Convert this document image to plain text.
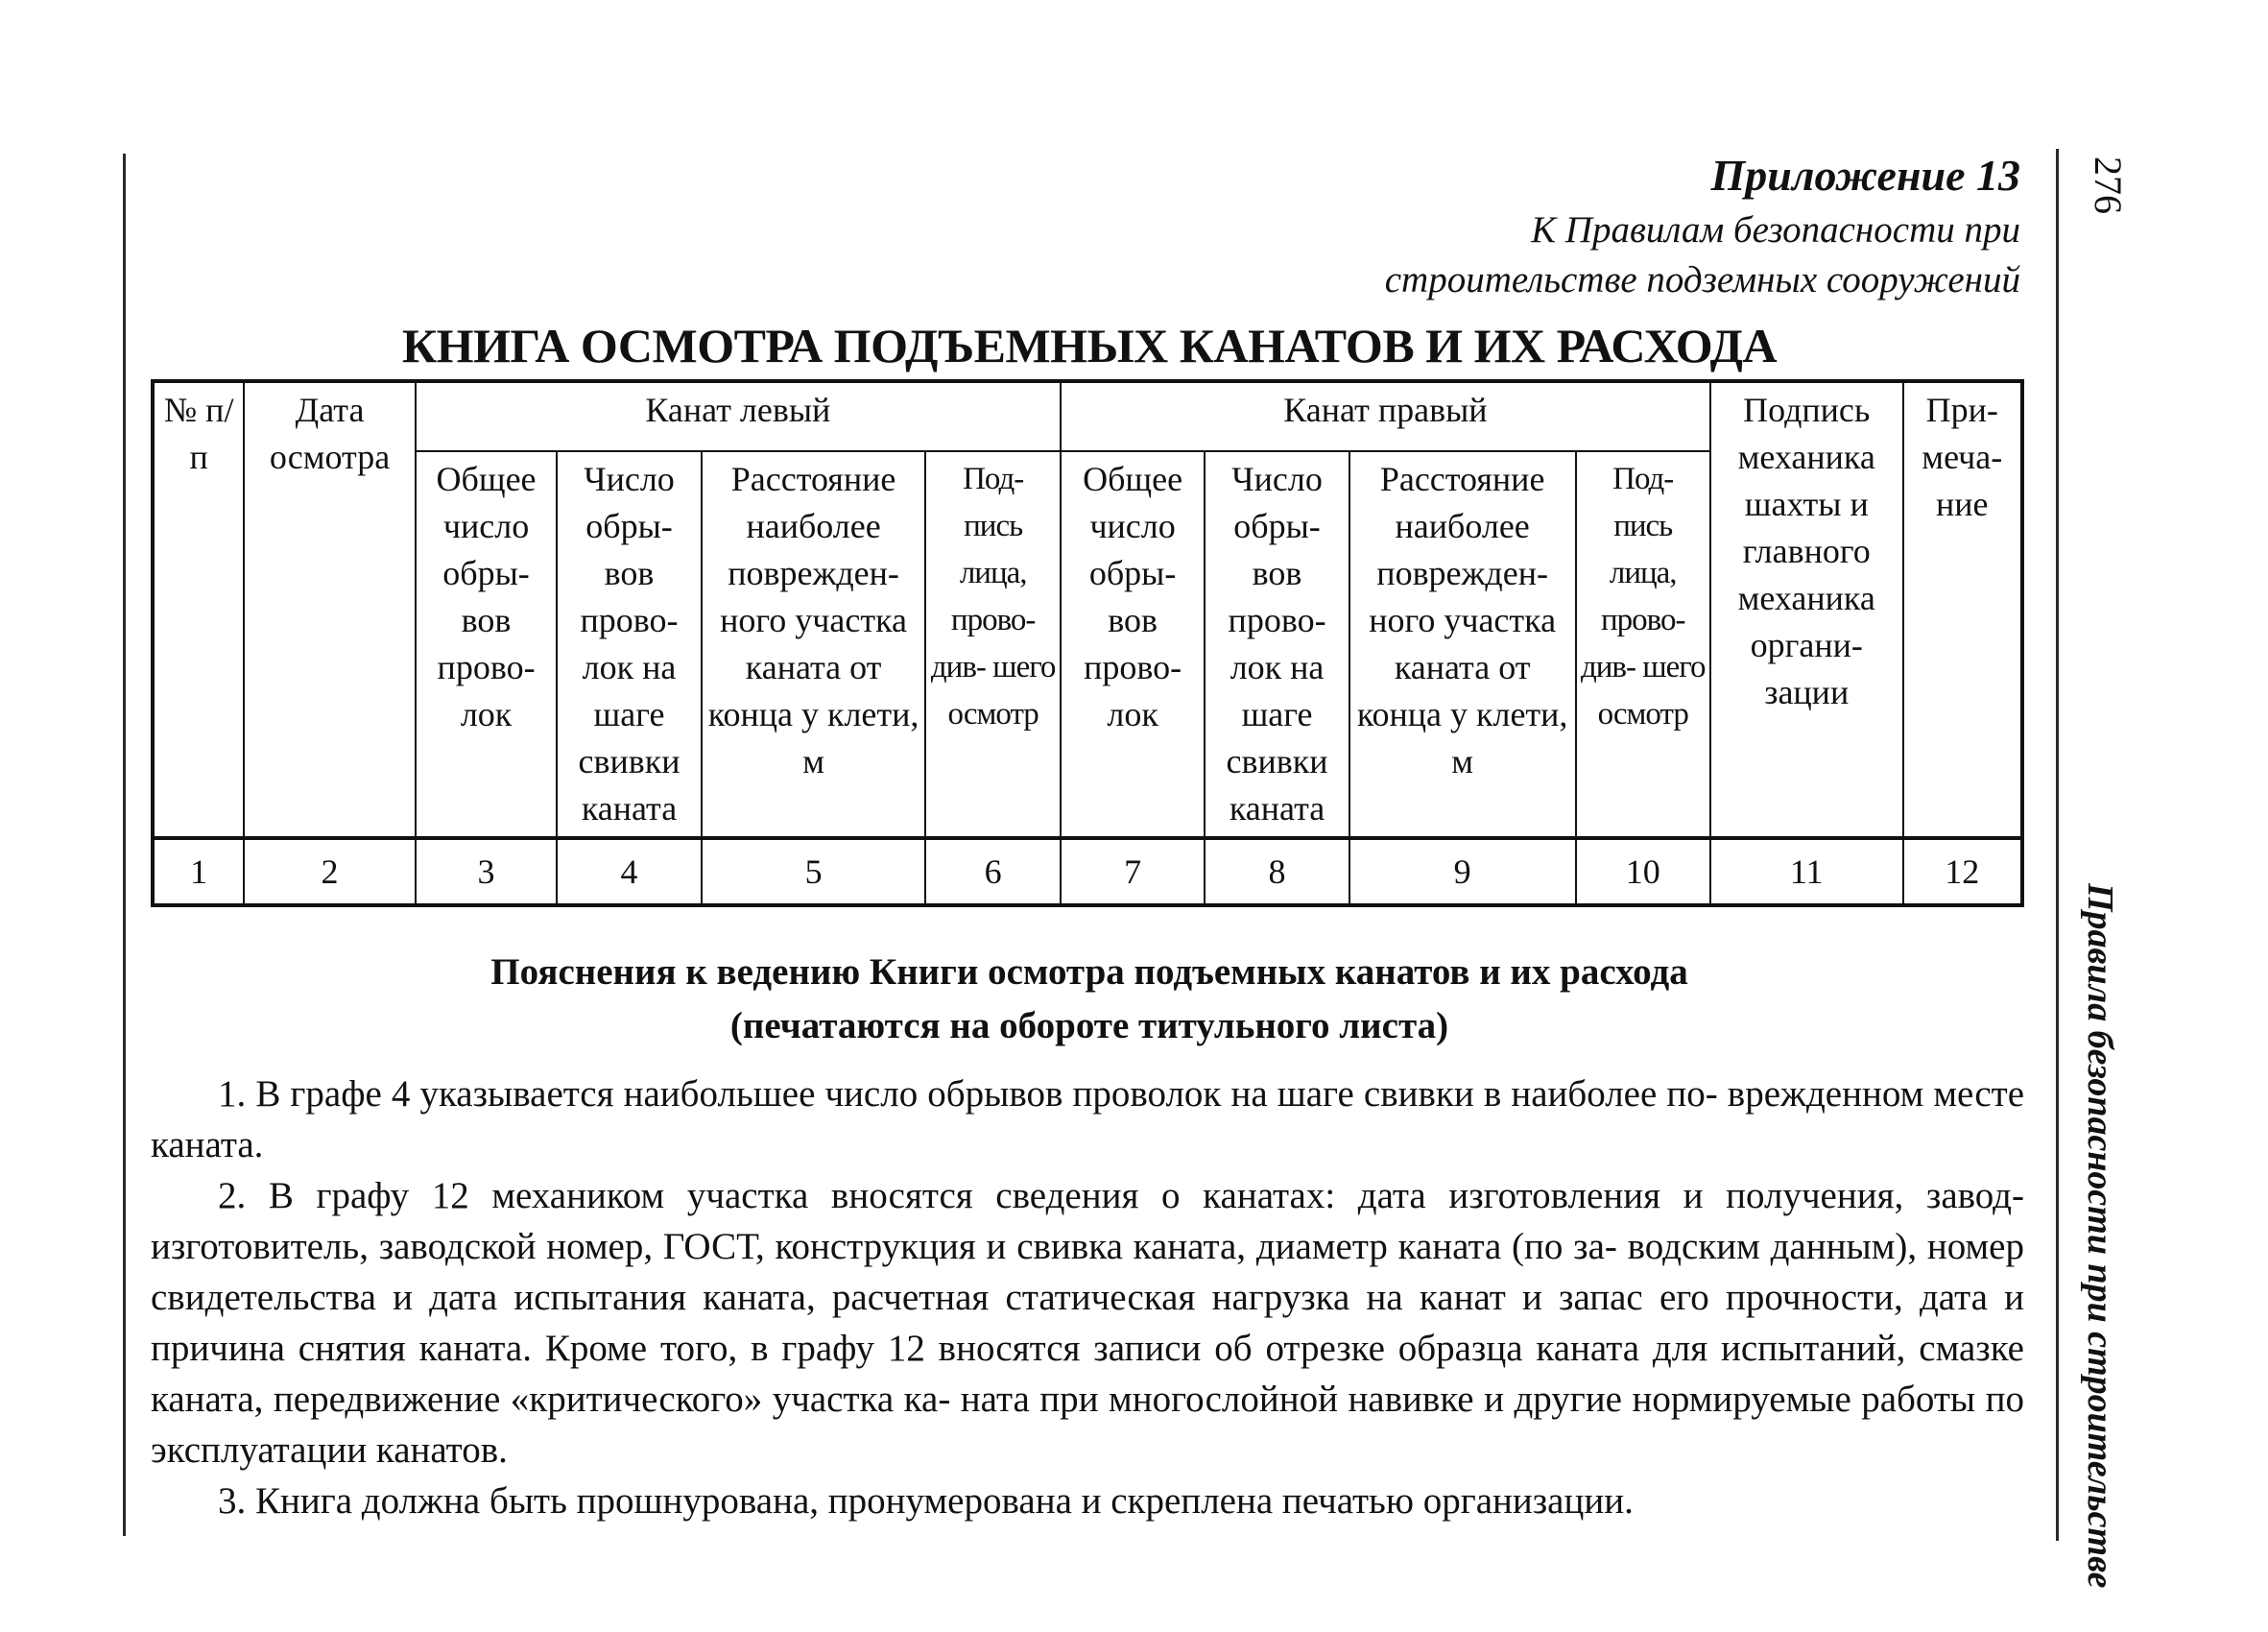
276
Правила безопасности при строительстве
Приложение 13
К Правилам безопасности при
строительстве подземных сооружений
КНИГА ОСМОТРА ПОДЪЕМНЫХ КАНАТОВ И ИХ РАСХОДА
№ п/п	Дата осмотра	Канат левый				Канат правый				Подпись механика шахты и главного механика органи- зации	При- меча- ние
		Общее число обры- вов прово- лок	Число обры- вов прово- лок на шаге свивки каната	Расстояние наиболее поврежден- ного участка каната от конца у клети, м	Под- пись лица, прово- див- шего осмотр	Общее число обры- вов прово- лок	Число обры- вов прово- лок на шаге свивки каната	Расстояние наиболее поврежден- ного участка каната от конца у клети, м	Под- пись лица, прово- див- шего осмотр		
1	2	3	4	5	6	7	8	9	10	11	12
Пояснения к ведению Книги осмотра подъемных канатов и их расхода
(печатаются на обороте титульного листа)

1. В графе 4 указывается наибольшее число обрывов проволок на шаге свивки в наиболее по- врежденном месте каната.

2. В графу 12 механиком участка вносятся сведения о канатах: дата изготовления и получения, завод-изготовитель, заводской номер, ГОСТ, конструкция и свивка каната, диаметр каната (по за- водским данным), номер свидетельства и дата испытания каната, расчетная статическая нагрузка на канат и запас его прочности, дата и причина снятия каната. Кроме того, в графу 12 вносятся записи об отрезке образца каната для испытаний, смазке каната, передвижение «критического» участка ка- ната при многослойной навивке и другие нормируемые работы по эксплуатации канатов.

3. Книга должна быть прошнурована, пронумерована и скреплена печатью организации.
